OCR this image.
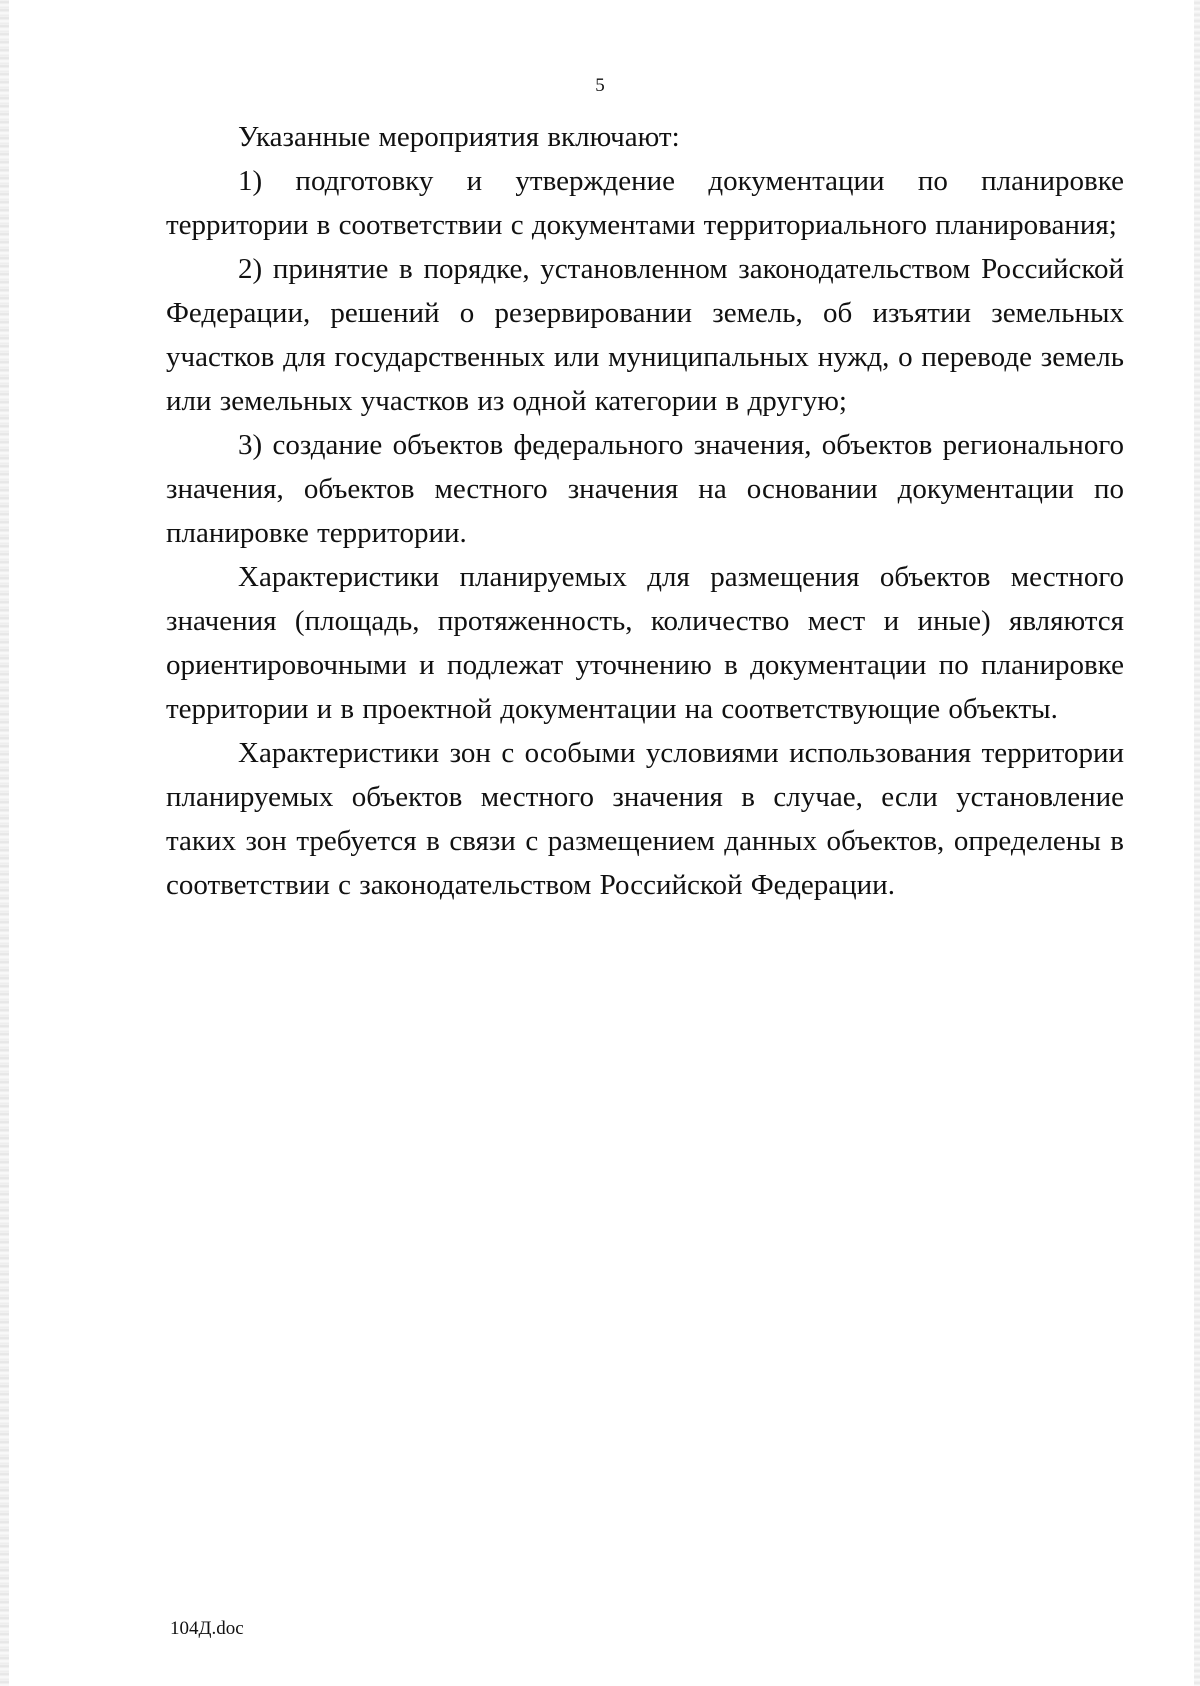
5

Указанные мероприятия включают:

1) подготовку и утверждение документации по планировке территории в соответствии с документами территориального планирования;

2) принятие в порядке, установленном законодательством Российской Федерации, решений о резервировании земель, об изъятии земельных участков для государственных или муниципальных нужд, о переводе земель или земельных участков из одной категории в другую;

3) создание объектов федерального значения, объектов регионального значения, объектов местного значения на основании документации по планировке территории.

Характеристики планируемых для размещения объектов местного значения (площадь, протяженность, количество мест и иные) являются ориентировочными и подлежат уточнению в документации по планировке территории и в проектной документации на соответствующие объекты.

Характеристики зон с особыми условиями использования территории планируемых объектов местного значения в случае, если установление таких зон требуется в связи с размещением данных объектов, определены в соответствии с законодательством Российской Федерации.

104Д.doc
